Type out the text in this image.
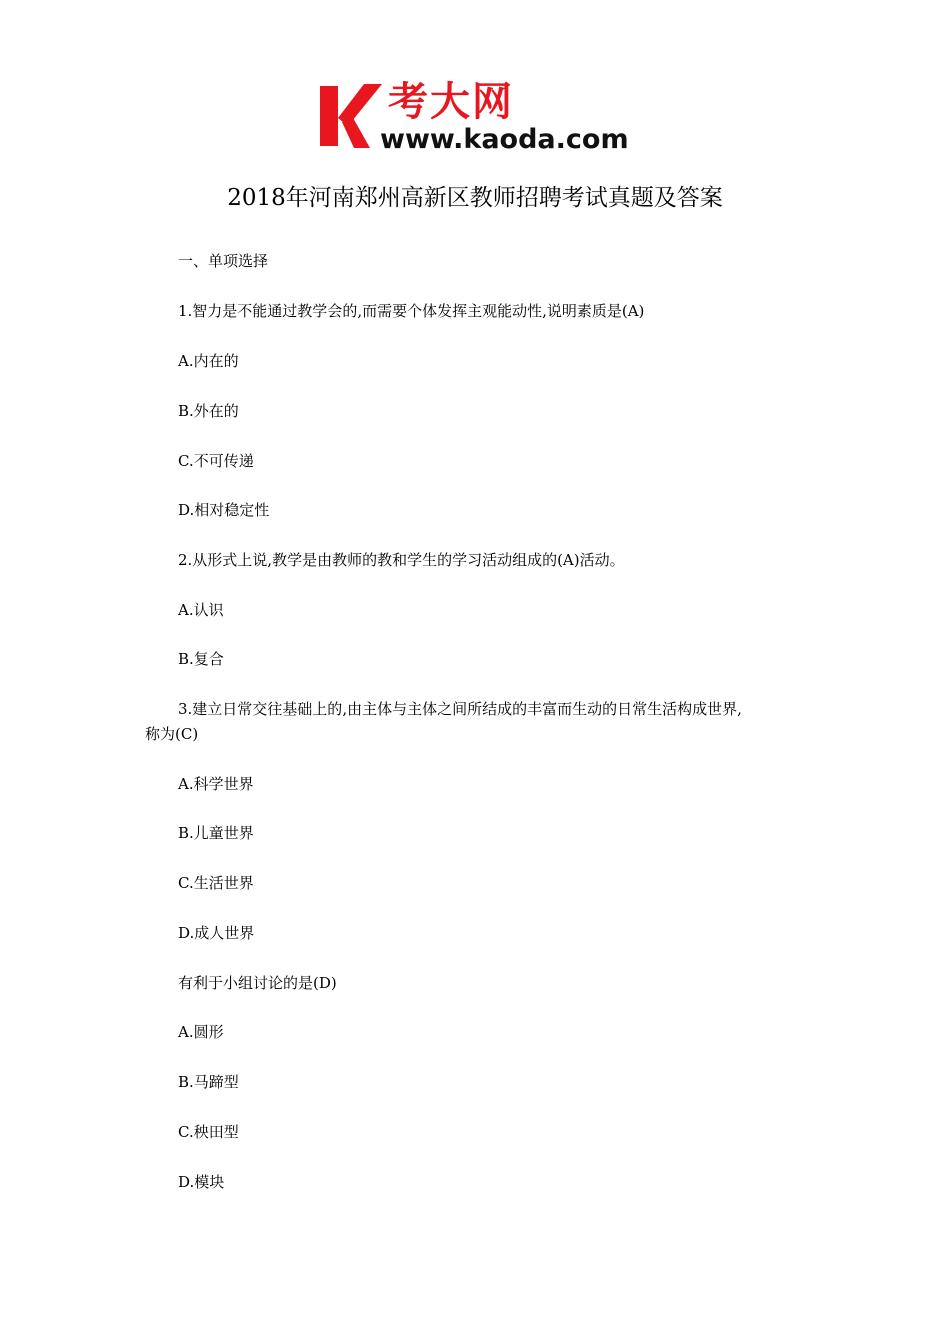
考大网
www.kaoda.com
2018年河南郑州高新区教师招聘考试真题及答案
一、单项选择
1.智力是不能通过教学会的,而需要个体发挥主观能动性,说明素质是(A)
A.内在的
B.外在的
C.不可传递
D.相对稳定性
2.从形式上说,教学是由教师的教和学生的学习活动组成的(A)活动。
A.认识
B.复合
3.建立日常交往基础上的,由主体与主体之间所结成的丰富而生动的日常生活构成世界,
称为(C)
A.科学世界
B.儿童世界
C.生活世界
D.成人世界
有利于小组讨论的是(D)
A.圆形
B.马蹄型
C.秧田型
D.模块
